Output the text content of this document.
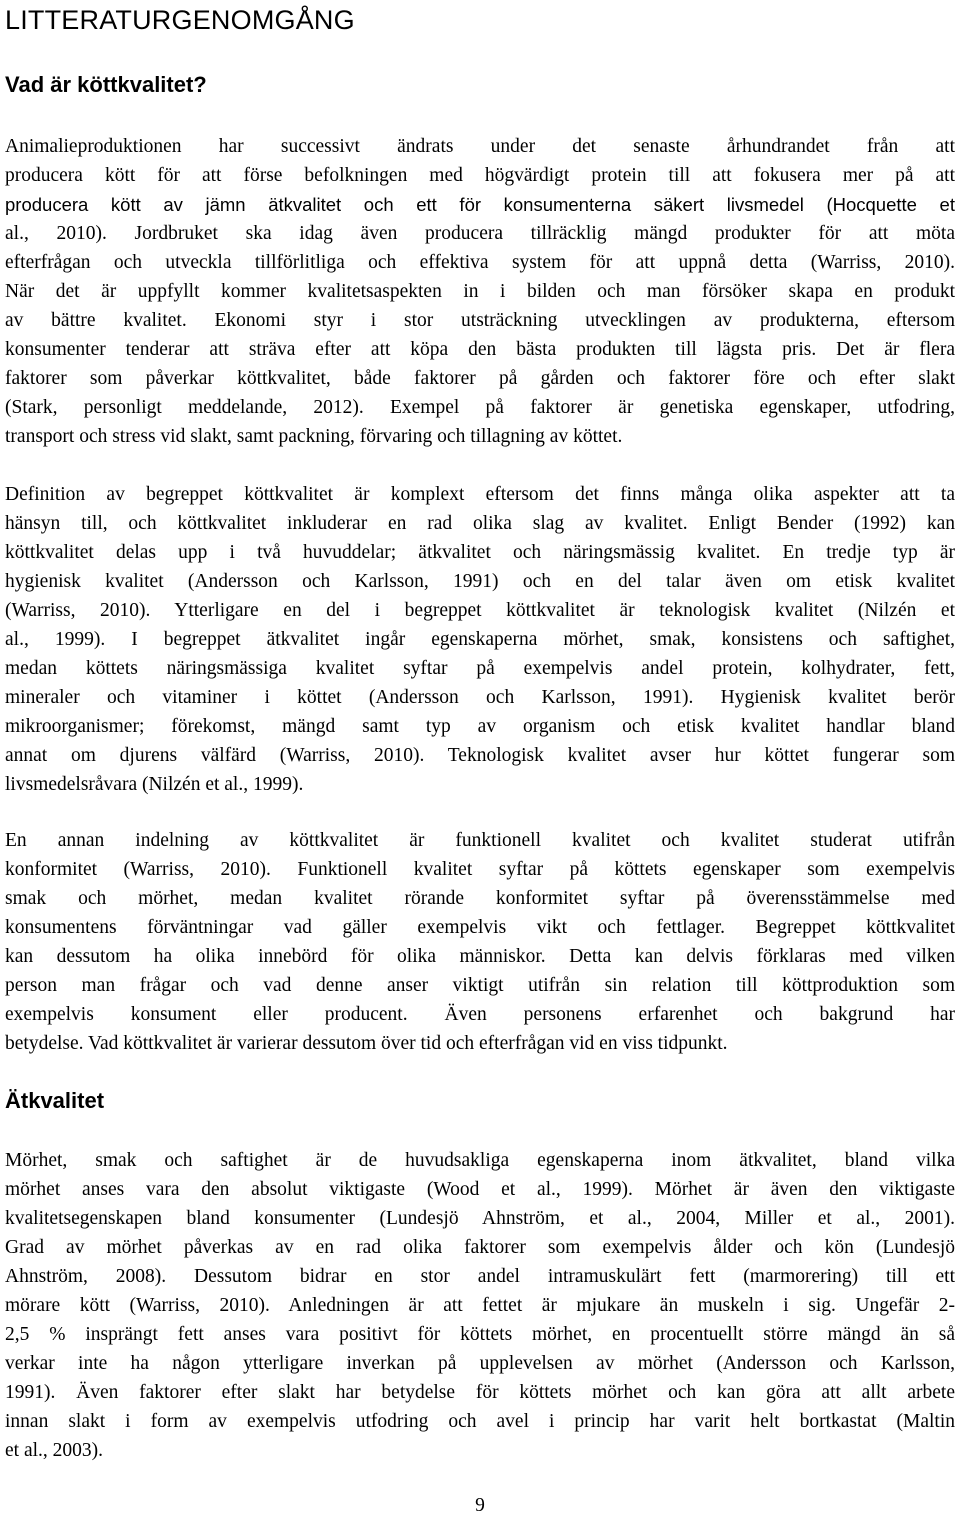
LITTERATURGENOMGÅNG
Vad är köttkvalitet?
Animalieproduktionen har successivt ändrats under det senaste århundrandet från att
producera kött för att förse befolkningen med högvärdigt protein till att fokusera mer på att
producera kött av jämn ätkvalitet och ett för konsumenterna säkert livsmedel (Hocquette et
al., 2010). Jordbruket ska idag även producera tillräcklig mängd produkter för att möta
efterfrågan och utveckla tillförlitliga och effektiva system för att uppnå detta (Warriss, 2010).
När det är uppfyllt kommer kvalitetsaspekten in i bilden och man försöker skapa en produkt
av bättre kvalitet. Ekonomi styr i stor utsträckning utvecklingen av produkterna, eftersom
konsumenter tenderar att sträva efter att köpa den bästa produkten till lägsta pris. Det är flera
faktorer som påverkar köttkvalitet, både faktorer på gården och faktorer före och efter slakt
(Stark, personligt meddelande, 2012). Exempel på faktorer är genetiska egenskaper, utfodring,
transport och stress vid slakt, samt packning, förvaring och tillagning av köttet.
Definition av begreppet köttkvalitet är komplext eftersom det finns många olika aspekter att ta
hänsyn till, och köttkvalitet inkluderar en rad olika slag av kvalitet. Enligt Bender (1992) kan
köttkvalitet delas upp i två huvuddelar; ätkvalitet och näringsmässig kvalitet. En tredje typ är
hygienisk kvalitet (Andersson och Karlsson, 1991) och en del talar även om etisk kvalitet
(Warriss, 2010). Ytterligare en del i begreppet köttkvalitet är teknologisk kvalitet (Nilzén et
al., 1999). I begreppet ätkvalitet ingår egenskaperna mörhet, smak, konsistens och saftighet,
medan köttets näringsmässiga kvalitet syftar på exempelvis andel protein, kolhydrater, fett,
mineraler och vitaminer i köttet (Andersson och Karlsson, 1991). Hygienisk kvalitet berör
mikroorganismer; förekomst, mängd samt typ av organism och etisk kvalitet handlar bland
annat om djurens välfärd (Warriss, 2010). Teknologisk kvalitet avser hur köttet fungerar som
livsmedelsråvara (Nilzén et al., 1999).
En annan indelning av köttkvalitet är funktionell kvalitet och kvalitet studerat utifrån
konformitet (Warriss, 2010). Funktionell kvalitet syftar på köttets egenskaper som exempelvis
smak och mörhet, medan kvalitet rörande konformitet syftar på överensstämmelse med
konsumentens förväntningar vad gäller exempelvis vikt och fettlager. Begreppet köttkvalitet
kan dessutom ha olika innebörd för olika människor. Detta kan delvis förklaras med vilken
person man frågar och vad denne anser viktigt utifrån sin relation till köttproduktion som
exempelvis konsument eller producent. Även personens erfarenhet och bakgrund har
betydelse. Vad köttkvalitet är varierar dessutom över tid och efterfrågan vid en viss tidpunkt.
Ätkvalitet
Mörhet, smak och saftighet är de huvudsakliga egenskaperna inom ätkvalitet, bland vilka
mörhet anses vara den absolut viktigaste (Wood et al., 1999). Mörhet är även den viktigaste
kvalitetsegenskapen bland konsumenter (Lundesjö Ahnström, et al., 2004, Miller et al., 2001).
Grad av mörhet påverkas av en rad olika faktorer som exempelvis ålder och kön (Lundesjö
Ahnström, 2008). Dessutom bidrar en stor andel intramuskulärt fett (marmorering) till ett
mörare kött (Warriss, 2010). Anledningen är att fettet är mjukare än muskeln i sig. Ungefär 2-
2,5 % insprängt fett anses vara positivt för köttets mörhet, en procentuellt större mängd än så
verkar inte ha någon ytterligare inverkan på upplevelsen av mörhet (Andersson och Karlsson,
1991). Även faktorer efter slakt har betydelse för köttets mörhet och kan göra att allt arbete
innan slakt i form av exempelvis utfodring och avel i princip har varit helt bortkastat (Maltin
et al., 2003).
9
